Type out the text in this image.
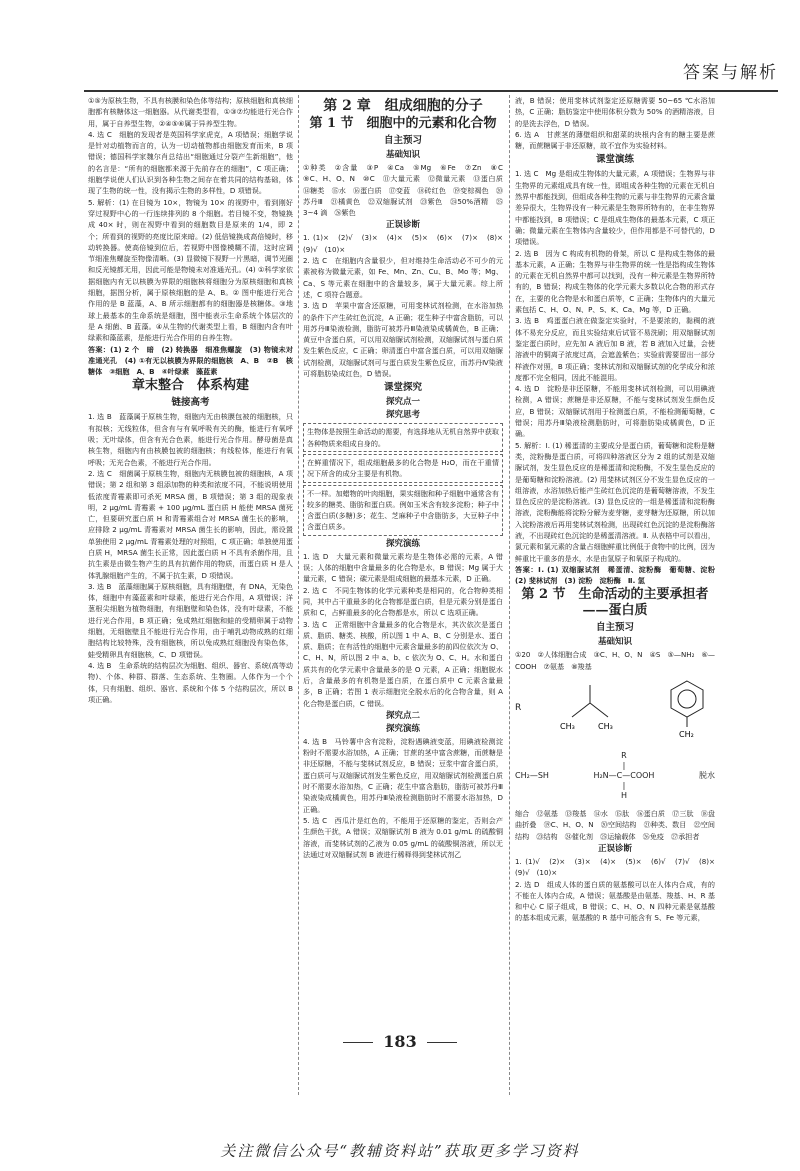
答案与解析

①⑤为原核生物，不具有核膜和染色体等结构；原核细胞和真核细胞都有核糖体这一细胞器。从代谢类型看，①③⑦均能进行光合作用，属于自养型生物，②④⑤⑥属于异养型生物。

4. 选 C　细胞的发现者是英国科学家虎克，A 项错误；细胞学说是针对动植物而言的，认为一切动植物都由细胞发育而来，B 项错误；德国科学家魏尔肖总结出“细胞通过分裂产生新细胞”，他的名言是：“所有的细胞都来源于先前存在的细胞”，C 项正确；细胞学说使人们认识到各种生物之间存在着共同的结构基础，体现了生物的统一性，没有揭示生物的多样性，D 项错误。

5. 解析：(1) 在目镜为 10×，物镜为 10× 的视野中，看到刚好穿过视野中心的一行连续排列的 8 个细胞。若目镜不变，物镜换成 40× 时，则在视野中看到的细胞数目是原来的 1/4，即 2 个；所看到的视野的亮度比原来暗。(2) 低倍镜换成高倍镜时，移动转换器。使高倍镜到位后，若视野中图像模糊不清，这时应调节细准焦螺旋至物像清晰。(3) 显微镜下视野一片黑暗，调节光圈和反光镜都无用，因此可能是物镜未对准通光孔。(4) ①科学家依据细胞内有无以核膜为界限的细胞核将细胞分为原核细胞和真核细胞，据图分析，属于原核细胞的是 A、B。② 图中能进行光合作用的是 B 蓝藻，A、B 所示细胞都有的细胞器是核糖体。③地球上最基本的生命系统是细胞，图中能表示生命系统个体层次的是 A 细菌、B 蓝藻。④从生物的代谢类型上看，B 细胞内含有叶绿素和藻蓝素，是能进行光合作用的自养生物。

答案：(1) 2 个　暗　(2) 转换器　细准焦螺旋　(3) 物镜未对准通光孔　(4) ①有无以核膜为界限的细胞核　A、B　②B　核糖体　③细胞　A、B　④叶绿素　藻蓝素

章末整合　体系构建
链接高考

1. 选 B　蓝藻属于原核生物，细胞内无由核膜包被的细胞核，只有拟核；无线粒体，但含有与有氧呼吸有关的酶，能进行有氧呼吸；无叶绿体，但含有光合色素，能进行光合作用。酵母菌是真核生物，细胞内有由核膜包被的细胞核；有线粒体，能进行有氧呼吸；无光合色素，不能进行光合作用。

2. 选 C　细菌属于原核生物，细胞内无核膜包被的细胞核，A 项错误；第 2 组和第 3 组添加物的种类和浓度不同，不能说明使用低浓度青霉素即可杀死 MRSA 菌，B 项错误；第 3 组的现象表明，2 μg/mL 青霉素 + 100 μg/mL 蛋白质 H 能使 MRSA 菌死亡，但要研究蛋白质 H 和青霉素组合对 MRSA 菌生长的影响，应排除 2 μg/mL 青霉素对 MRSA 菌生长的影响，因此，需设置单独使用 2 μg/mL 青霉素处理的对照组，C 项正确；单独使用蛋白质 H，MRSA 菌生长正常，因此蛋白质 H 不具有杀菌作用，且抗生素是由微生物产生的具有抗菌作用的物质，而蛋白质 H 是人体乳腺细胞产生的，不属于抗生素，D 项错误。

3. 选 B　蓝藻细胞属于原核细胞，具有细胞壁，有 DNA，无染色体，细胞中有藻蓝素和叶绿素，能进行光合作用，A 项错误；洋葱根尖细胞为植物细胞，有细胞壁和染色体，没有叶绿素，不能进行光合作用，B 项正确；兔成熟红细胞和蛙的受精卵属于动物细胞，无细胞壁且不能进行光合作用，由于哺乳动物成熟的红细胞结构比较特殊，没有细胞核，所以兔成熟红细胞没有染色体，蛙受精卵具有细胞核，C、D 项错误。

4. 选 B　生命系统的结构层次为细胞、组织、器官、系统(高等动物)、个体、种群、群落、生态系统、生物圈。人体作为一个个体，只有细胞、组织、器官、系统和个体 5 个结构层次，所以 B 项正确。

第 2 章　组成细胞的分子
第 1 节　细胞中的元素和化合物
自主预习
基础知识

①种类　②含量　③P　④Ca　⑤Mg　⑥Fe　⑦Zn　⑧C　⑨C、H、O、N　⑩C　⑪大量元素　⑫微量元素　⑬蛋白质　⑭糖类　⑮水　⑯蛋白质　⑰变蓝　⑱砖红色　⑲变棕褐色　⑳苏丹Ⅲ　㉑橘黄色　㉒双缩脲试剂　㉓紫色　㉔50%酒精　㉕3~4 滴　㉖紫色

正误诊断

1. (1)×　(2)√　(3)×　(4)×　(5)×　(6)×　(7)×　(8)×　(9)√　(10)×

2. 选 C　在细胞内含量很少，但对维持生命活动必不可少的元素被称为微量元素，如 Fe、Mn、Zn、Cu、B、Mo 等；Mg、Ca、S 等元素在细胞中的含量较多，属于大量元素。综上所述，C 项符合题意。

3. 选 D　苹果中富含还原糖，可用斐林试剂检测，在水浴加热的条件下产生砖红色沉淀，A 正确；花生种子中富含脂肪，可以用苏丹Ⅲ染液检测，脂肪可被苏丹Ⅲ染液染成橘黄色，B 正确；黄豆中含蛋白质，可以用双缩脲试剂检测，双缩脲试剂与蛋白质发生紫色反应，C 正确；卵清蛋白中富含蛋白质，可以用双缩脲试剂检测，双缩脲试剂可与蛋白质发生紫色反应，而苏丹Ⅳ染液可将脂肪染成红色，D 错误。

课堂探究
探究点一
探究思考

生物体是按照生命活动的需要，有选择地从无机自然界中获取各种物质来组成自身的。

在鲜重情况下，组成细胞最多的化合物是 H₂O，而在干重情况下所含的成分主要是有机物。

不一样。加蜡物的叶肉细胞，果实细胞和种子细胞中通常含有较多的糖类、脂肪和蛋白质。例如玉米含有较多淀粉；种子中含蛋白质(多糖)多；花生、芝麻种子中含脂肪多，大豆种子中含蛋白质多。

探究演练

1. 选 D　大量元素和微量元素均是生物体必需的元素，A 错误；人体的细胞中含量最多的化合物是水，B 错误；Mg 属于大量元素，C 错误；碳元素是组成细胞的最基本元素，D 正确。

2. 选 C　不同生物体的化学元素种类是相同的，化合物种类相同，其中占干重最多的化合物都是蛋白质，但是元素分别是蛋白质和 C，占鲜重最多的化合物都是水，所以 C 选项正确。

3. 选 C　正常细胞中含量最多的化合物是水，其次依次是蛋白质、脂质、糖类、核酸，所以图 1 中 A、B、C 分别是水、蛋白质、脂质；在有活性的细胞中元素含量最多的前四位依次为 O、C、H、N，所以图 2 中 a、b、c 依次为 O、C、H。水和蛋白质共有的化学元素中含量最多的是 O 元素，A 正确；细胞脱水后，含量最多的有机物是蛋白质，在蛋白质中 C 元素含量最多，B 正确；若图 1 表示细胞完全脱水后的化合物含量，则 A 化合物是蛋白质，C 错误。

探究点二
探究演练

4. 选 B　马铃薯中含有淀粉，淀粉遇碘液变蓝，用碘液检测淀粉时不需要水浴加热，A 正确；甘蔗的茎中富含蔗糖，而蔗糖是非还原糖，不能与斐林试剂反应，B 错误；豆浆中富含蛋白质，蛋白质可与双缩脲试剂发生紫色反应，用双缩脲试剂检测蛋白质时不需要水浴加热，C 正确；花生中富含脂肪，脂肪可被苏丹Ⅲ染液染成橘黄色，用苏丹Ⅲ染液检测脂肪时不需要水浴加热，D 正确。

5. 选 C　西瓜汁是红色的，不能用于还原糖的鉴定，否则会产生颜色干扰，A 错误；双缩脲试剂 B 液为 0.01 g/mL 的硫酸铜溶液，而斐林试剂的乙液为 0.05 g/mL 的硫酸铜溶液，所以无法通过对双缩脲试剂 B 液进行稀释得到斐林试剂乙

液，B 错误；使用斐林试剂鉴定还原糖需要 50~65 ℃水浴加热，C 正确；脂肪鉴定中使用体积分数为 50% 的酒精溶液，目的是洗去浮色，D 错误。

6. 选 A　甘蔗茎的薄壁组织和甜菜的块根内含有的糖主要是蔗糖，而蔗糖属于非还原糖，故不宜作为实验材料。

课堂演练

1. 选 C　Mg 是组成生物体的大量元素，A 项错误；生物界与非生物界的元素组成具有统一性，即组成各种生物的元素在无机自然界中都能找到，但组成各种生物的元素与非生物界的元素含量差异很大，生物界没有一种元素是生物界所特有的，在非生物界中都能找到，B 项错误；C 是组成生物体的最基本元素，C 项正确；微量元素在生物体内含量较少，但作用都是不可替代的，D 项错误。

2. 选 B　因为 C 构成有机物的骨架，所以 C 是构成生物体的最基本元素，A 正确；生物界与非生物界的统一性是指构成生物体的元素在无机自然界中都可以找到，没有一种元素是生物界所特有的，B 错误；构成生物体的化学元素大多数以化合物的形式存在，主要的化合物是水和蛋白质等，C 正确；生物体内的大量元素包括 C、H、O、N、P、S、K、Ca、Mg 等，D 正确。

3. 选 B　鸡蛋蛋白液在做鉴定实验时，不是要浓的，黏稠的液体不易充分反应，而且实验结束后试管不易洗刷；用双缩脲试剂鉴定蛋白质时，应先加 A 液后加 B 液，若 B 液加入过量，会使溶液中的铜离子浓度过高，会遮盖紫色；实验前需要留出一部分样液作对照，B 项正确；斐林试剂和双缩脲试剂的化学成分和浓度都不完全相同，因此不能混用。

4. 选 D　淀粉是非还原糖，不能用斐林试剂检测，可以用碘液检测，A 错误；蔗糖是非还原糖，不能与斐林试剂发生颜色反应，B 错误；双缩脲试剂用于检测蛋白质，不能检测葡萄糖，C 错误；用苏丹Ⅲ染液检测脂肪时，可将脂肪染成橘黄色，D 正确。

5. 解析：Ⅰ. (1) 稀蛋清的主要成分是蛋白质，葡萄糖和淀粉是糖类，淀粉酶是蛋白质，可将四种溶液区分为 2 组的试剂是双缩脲试剂，发生显色反应的是稀蛋清和淀粉酶，不发生显色反应的是葡萄糖和淀粉溶液。(2) 用斐林试剂区分不发生显色反应的一组溶液，水浴加热后能产生砖红色沉淀的是葡萄糖溶液，不发生显色反应的是淀粉溶液。(3) 显色反应的一组是稀蛋清和淀粉酶溶液，淀粉酶能将淀粉分解为麦芽糖，麦芽糖为还原糖，所以加入淀粉溶液后再用斐林试剂检测，出现砖红色沉淀的是淀粉酶溶液，不出现砖红色沉淀的是稀蛋清溶液。Ⅱ. 从表格中可以看出，氯元素和氯元素的含量占细胞鲜重比例低于食物中的比例，因为鲜重比干重多的是水，水是由氢原子和氧原子构成的。

答案：Ⅰ. (1) 双缩脲试剂　稀蛋清、淀粉酶　葡萄糖、淀粉　(2) 斐林试剂　(3) 淀粉　淀粉酶　Ⅱ. 氢

第 2 节　生命活动的主要承担者——蛋白质
自主预习
基础知识

①20　②人体细胞合成　③C、H、O、N　④S　⑤—NH₂　⑥—COOH　⑦氨基　⑧羧基

R
CH₃	CH₃
CH₂
CH₂—SH
R
|
H₂N—C—COOH
|
H
脱水

缩合　⑫氨基　⑬羧基　⑭水　⑮肽　⑯蛋白质　⑰三肽　⑱盘曲折叠　⑲C、H、O、N　⑳空间结构　㉑种类、数目　㉒空间结构　㉓结构　㉔催化剂　㉕运输载体　㉖免疫　㉗承担者

正误诊断

1. (1)√　(2)×　(3)×　(4)×　(5)×　(6)√　(7)√　(8)×　(9)√　(10)×

2. 选 D　组成人体的蛋白质的氨基酸可以在人体内合成，有的不能在人体内合成，A 错误；氨基酸是由氨基、羧基、H、R 基和中心 C 原子组成，B 错误；C、H、O、N 四种元素是氨基酸的基本组成元素，氨基酸的 R 基中可能含有 S、Fe 等元素，

183
关注微信公众号“教辅资料站”获取更多学习资料
